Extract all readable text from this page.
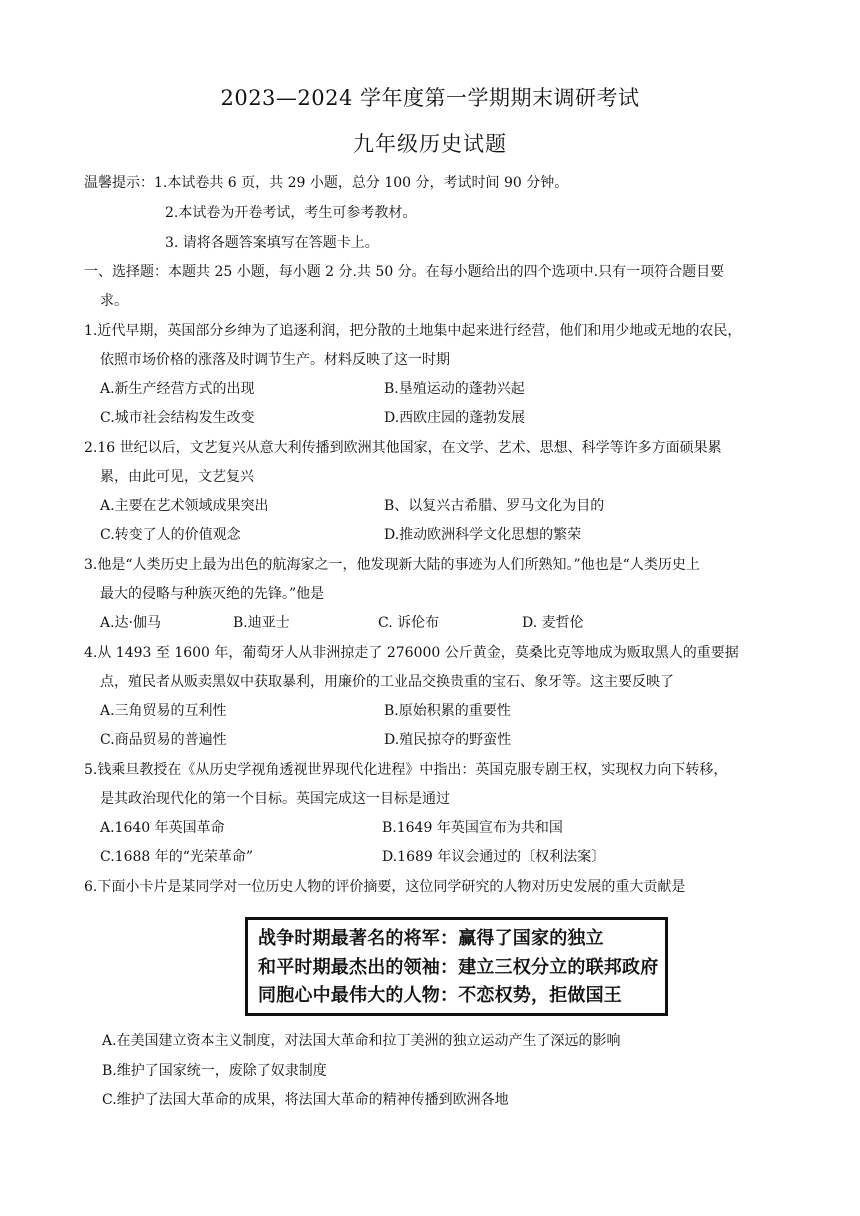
2023—2024 学年度第一学期期末调研考试
九年级历史试题
温馨提示：1.本试卷共 6 页，共 29 小题，总分 100 分，考试时间 90 分钟。
2.本试卷为开卷考试，考生可参考教材。
3. 请将各题答案填写在答题卡上。
一、选择题：本题共 25 小题，每小题 2 分.共 50 分。在每小题给出的四个选项中.只有一项符合题目要
求。
1.近代早期，英国部分乡绅为了追逐利润，把分散的土地集中起来进行经营，他们和用少地或无地的农民，
依照市场价格的涨落及时调节生产。材料反映了这一时期
A.新生产经营方式的出现	B.垦殖运动的蓬勃兴起
C.城市社会结构发生改变	D.西欧庄园的蓬勃发展
2.16 世纪以后，文艺复兴从意大利传播到欧洲其他国家，在文学、艺术、思想、科学等许多方面硕果累
累，由此可见，文艺复兴
A.主要在艺术领域成果突出	B、以复兴古希腊、罗马文化为目的
C.转变了人的价值观念	D.推动欧洲科学文化思想的繁荣
3.他是“人类历史上最为出色的航海家之一，他发现新大陆的事迹为人们所熟知。”他也是“人类历史上
最大的侵略与种族灭绝的先锋。”他是
A.达·伽马	B.迪亚士	C. 诉伦布	D. 麦哲伦
4.从 1493 至 1600 年，葡萄牙人从非洲掠走了 276000 公斤黄金，莫桑比克等地成为贩取黑人的重要据
点，殖民者从贩卖黑奴中获取暴利，用廉价的工业品交换贵重的宝石、象牙等。这主要反映了
A.三角贸易的互利性	B.原始积累的重要性
C.商品贸易的普遍性	D.殖民掠夺的野蛮性
5.钱乘旦教授在《从历史学视角透视世界现代化进程》中指出：英国克服专剧王权，实现权力向下转移，
是其政治现代化的第一个目标。英国完成这一目标是通过
A.1640 年英国革命	B.1649 年英国宣布为共和国
C.1688 年的“光荣革命”	D.1689 年议会通过的〔权利法案〕
6.下面小卡片是某同学对一位历史人物的评价摘要，这位同学研究的人物对历史发展的重大贡献是
战争时期最著名的将军：赢得了国家的独立
和平时期最杰出的领袖：建立三权分立的联邦政府
同胞心中最伟大的人物：不恋权势，拒做国王
A.在美国建立资本主义制度，对法国大革命和拉丁美洲的独立运动产生了深远的影响
B.维护了国家统一，废除了奴隶制度
C.维护了法国大革命的成果，将法国大革命的精神传播到欧洲各地
